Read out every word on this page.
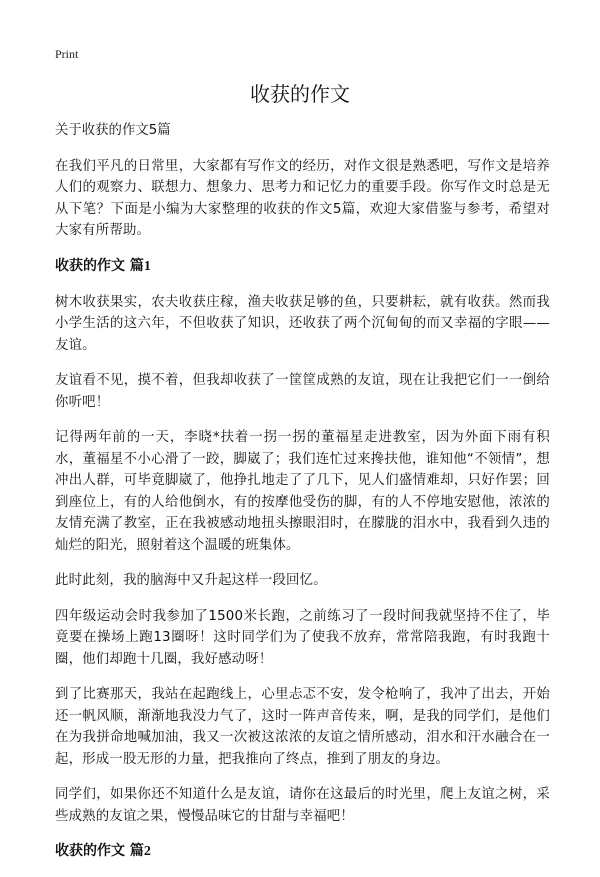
Print
收获的作文

关于收获的作文5篇

在我们平凡的日常里，大家都有写作文的经历，对作文很是熟悉吧，写作文是培养人们的观察力、联想力、想象力、思考力和记忆力的重要手段。你写作文时总是无从下笔？下面是小编为大家整理的收获的作文5篇，欢迎大家借鉴与参考，希望对大家有所帮助。

收获的作文 篇1

树木收获果实，农夫收获庄稼，渔夫收获足够的鱼，只要耕耘，就有收获。然而我小学生活的这六年，不但收获了知识，还收获了两个沉甸甸的而又幸福的字眼——友谊。

友谊看不见，摸不着，但我却收获了一筐筐成熟的友谊，现在让我把它们一一倒给你听吧！

记得两年前的一天，李晓*扶着一拐一拐的董福星走进教室，因为外面下雨有积水，董福星不小心滑了一跤，脚崴了；我们连忙过来搀扶他，谁知他“不领情”，想冲出人群，可毕竟脚崴了，他挣扎地走了了几下，见人们盛情难却，只好作罢；回到座位上，有的人给他倒水，有的按摩他受伤的脚，有的人不停地安慰他，浓浓的友情充满了教室，正在我被感动地扭头擦眼泪时，在朦胧的泪水中，我看到久违的灿烂的阳光，照射着这个温暖的班集体。

此时此刻，我的脑海中又升起这样一段回忆。

四年级运动会时我参加了1500米长跑，之前练习了一段时间我就坚持不住了，毕竟要在操场上跑13圈呀！这时同学们为了使我不放弃，常常陪我跑，有时我跑十圈，他们却跑十几圈，我好感动呀！

到了比赛那天，我站在起跑线上，心里忐忑不安，发令枪响了，我冲了出去，开始还一帆风顺，渐渐地我没力气了，这时一阵声音传来，啊，是我的同学们，是他们在为我拼命地喊加油，我又一次被这浓浓的友谊之情所感动，泪水和汗水融合在一起，形成一股无形的力量，把我推向了终点，推到了朋友的身边。

同学们，如果你还不知道什么是友谊，请你在这最后的时光里，爬上友谊之树，采些成熟的友谊之果，慢慢品味它的甘甜与幸福吧！

收获的作文 篇2
